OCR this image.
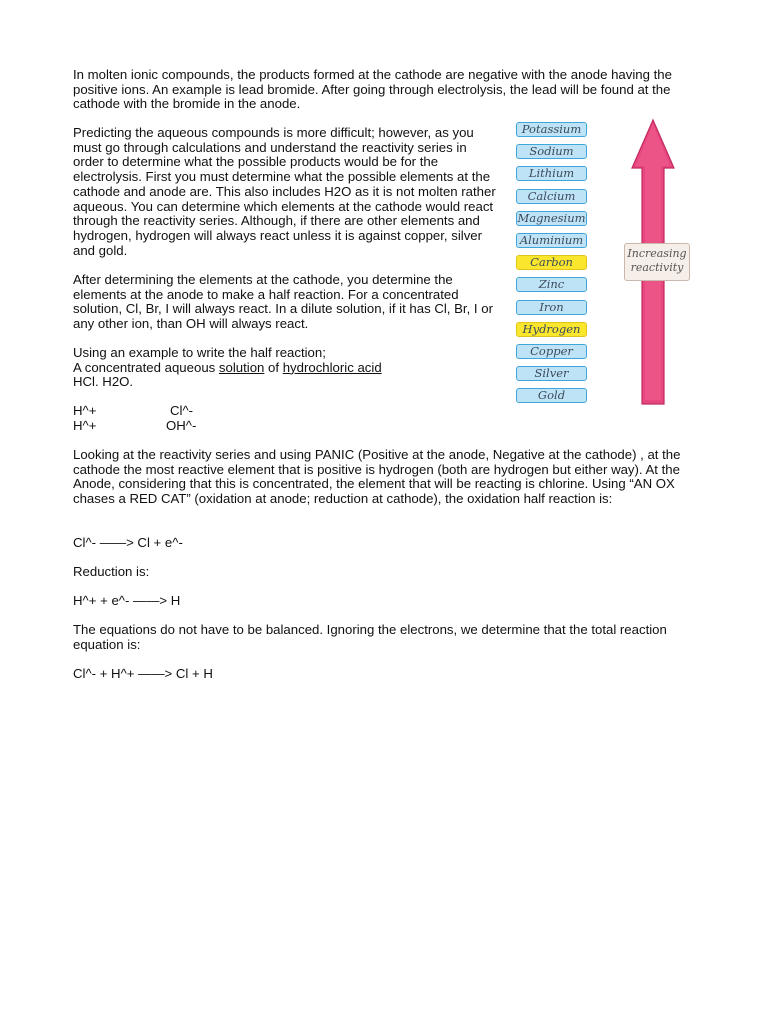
In molten ionic compounds, the products formed at the cathode are negative with the anode having the positive ions. An example is lead bromide. After going through electrolysis, the lead will be found at the cathode with the bromide in the anode.

Predicting the aqueous compounds is more difficult; however, as you must go through calculations and understand the reactivity series in order to determine what the possible products would be for the electrolysis. First you must determine what the possible elements at the cathode and anode are. This also includes H2O as it is not molten rather aqueous. You can determine which elements at the cathode would react through the reactivity series. Although, if there are other elements and hydrogen, hydrogen will always react unless it is against copper, silver and gold.

After determining the elements at the cathode, you determine the elements at the anode to make a half reaction. For a concentrated solution, Cl, Br, I will always react. In a dilute solution, if it has Cl, Br, I or any other ion, than OH will always react.

Using an example to write the half reaction;

A concentrated aqueous solution of hydrochloric acid

HCl. H2O.

H^+	Cl^-
H^+	OH^-

Looking at the reactivity series and using PANIC (Positive at the anode, Negative at the cathode) , at the cathode the most reactive element that is positive is hydrogen (both are hydrogen but either way). At the Anode, considering that this is concentrated, the element that will be reacting is chlorine. Using “AN OX chases a RED CAT” (oxidation at anode; reduction at cathode), the oxidation half reaction is:

Cl^- ——> Cl + e^-

Reduction is:

H^+ + e^- ——> H

The equations do not have to be balanced. Ignoring the electrons, we determine that the total reaction equation is:

Cl^- + H^+ ——> Cl + H

Increasing
reactivity
Potassium
Sodium
Lithium
Calcium
Magnesium
Aluminium
Carbon
Zinc
Iron
Hydrogen
Copper
Silver
Gold
